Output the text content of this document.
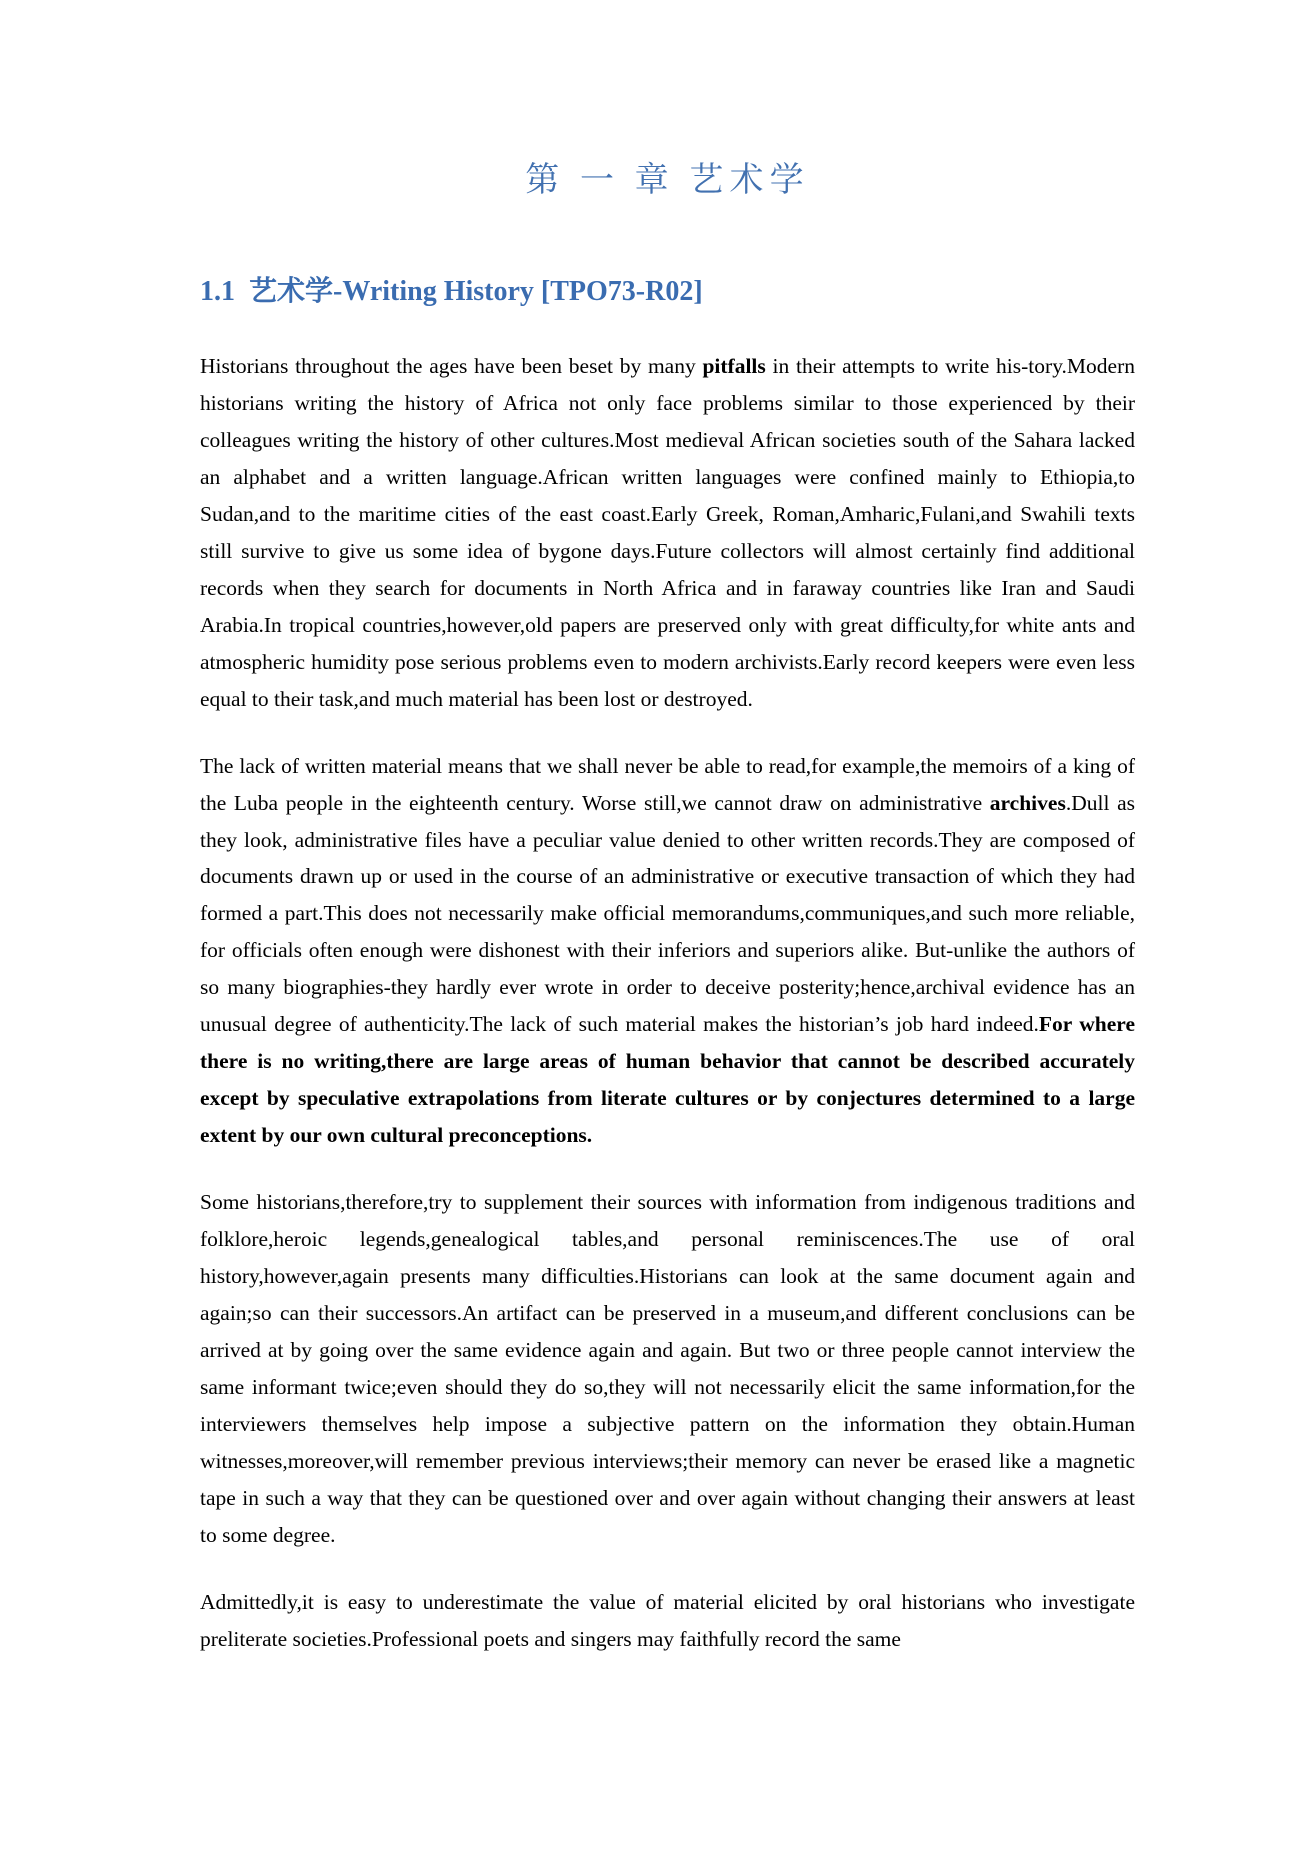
第 一 章 艺术学
1.1 艺术学-Writing History [TPO73-R02]

Historians throughout the ages have been beset by many pitfalls in their attempts to write his-tory.Modern historians writing the history of Africa not only face problems similar to those experienced by their colleagues writing the history of other cultures.Most medieval African societies south of the Sahara lacked an alphabet and a written language.African written languages were confined mainly to Ethiopia,to Sudan,and to the maritime cities of the east coast.Early Greek, Roman,Amharic,Fulani,and Swahili texts still survive to give us some idea of bygone days.Future collectors will almost certainly find additional records when they search for documents in North Africa and in faraway countries like Iran and Saudi Arabia.In tropical countries,however,old papers are preserved only with great difficulty,for white ants and atmospheric humidity pose serious problems even to modern archivists.Early record keepers were even less equal to their task,and much material has been lost or destroyed.

The lack of written material means that we shall never be able to read,for example,the memoirs of a king of the Luba people in the eighteenth century. Worse still,we cannot draw on administrative archives.Dull as they look, administrative files have a peculiar value denied to other written records.They are composed of documents drawn up or used in the course of an administrative or executive transaction of which they had formed a part.This does not necessarily make official memorandums,communiques,and such more reliable, for officials often enough were dishonest with their inferiors and superiors alike. But-unlike the authors of so many biographies-they hardly ever wrote in order to deceive posterity;hence,archival evidence has an unusual degree of authenticity.The lack of such material makes the historian’s job hard indeed.For where there is no writing,there are large areas of human behavior that cannot be described accurately except by speculative extrapolations from literate cultures or by conjectures determined to a large extent by our own cultural preconceptions.

Some historians,therefore,try to supplement their sources with information from indigenous traditions and folklore,heroic legends,genealogical tables,and personal reminiscences.The use of oral history,however,again presents many difficulties.Historians can look at the same document again and again;so can their successors.An artifact can be preserved in a museum,and different conclusions can be arrived at by going over the same evidence again and again. But two or three people cannot interview the same informant twice;even should they do so,they will not necessarily elicit the same information,for the interviewers themselves help impose a subjective pattern on the information they obtain.Human witnesses,moreover,will remember previous interviews;their memory can never be erased like a magnetic tape in such a way that they can be questioned over and over again without changing their answers at least to some degree.

Admittedly,it is easy to underestimate the value of material elicited by oral historians who investigate preliterate societies.Professional poets and singers may faithfully record the same
